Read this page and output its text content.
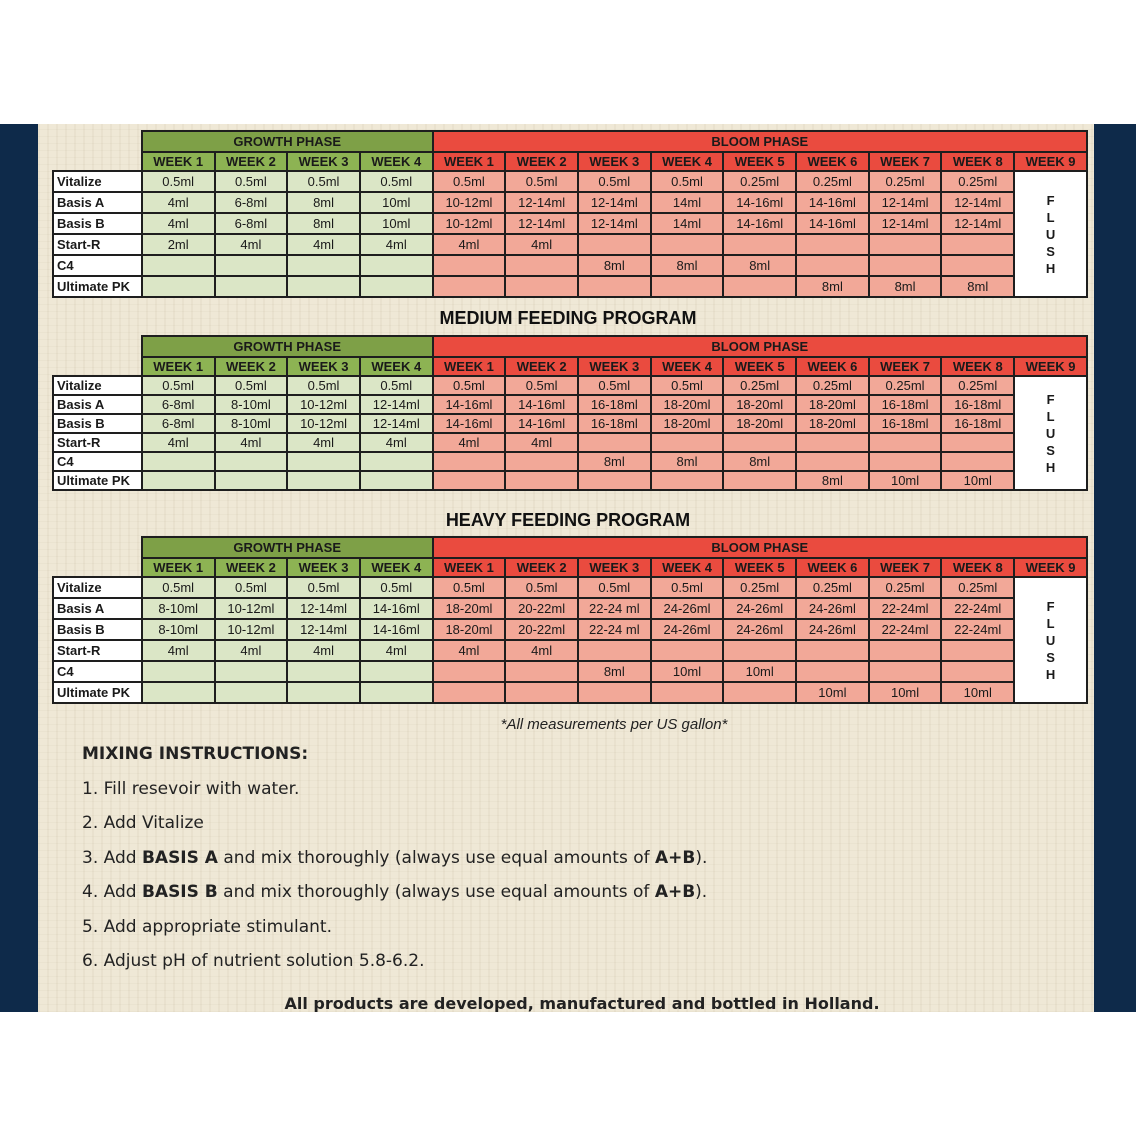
	GROWTH PHASE				BLOOM PHASE								
	WEEK 1	WEEK 2	WEEK 3	WEEK 4	WEEK 1	WEEK 2	WEEK 3	WEEK 4	WEEK 5	WEEK 6	WEEK 7	WEEK 8	WEEK 9
Vitalize	0.5ml	0.5ml	0.5ml	0.5ml	0.5ml	0.5ml	0.5ml	0.5ml	0.25ml	0.25ml	0.25ml	0.25ml	F
L
U
S
H

Basis A	4ml	6-8ml	8ml	10ml	10-12ml	12-14ml	12-14ml	14ml	14-16ml	14-16ml	12-14ml	12-14ml	
Basis B	4ml	6-8ml	8ml	10ml	10-12ml	12-14ml	12-14ml	14ml	14-16ml	14-16ml	12-14ml	12-14ml	
Start-R	2ml	4ml	4ml	4ml	4ml	4ml							
C4							8ml	8ml	8ml				
Ultimate PK										8ml	8ml	8ml	
	GROWTH PHASE				BLOOM PHASE								
	WEEK 1	WEEK 2	WEEK 3	WEEK 4	WEEK 1	WEEK 2	WEEK 3	WEEK 4	WEEK 5	WEEK 6	WEEK 7	WEEK 8	WEEK 9
Vitalize	0.5ml	0.5ml	0.5ml	0.5ml	0.5ml	0.5ml	0.5ml	0.5ml	0.25ml	0.25ml	0.25ml	0.25ml	F
L
U
S
H

Basis A	6-8ml	8-10ml	10-12ml	12-14ml	14-16ml	14-16ml	16-18ml	18-20ml	18-20ml	18-20ml	16-18ml	16-18ml	
Basis B	6-8ml	8-10ml	10-12ml	12-14ml	14-16ml	14-16ml	16-18ml	18-20ml	18-20ml	18-20ml	16-18ml	16-18ml	
Start-R	4ml	4ml	4ml	4ml	4ml	4ml							
C4							8ml	8ml	8ml				
Ultimate PK										8ml	10ml	10ml	
	GROWTH PHASE				BLOOM PHASE								
	WEEK 1	WEEK 2	WEEK 3	WEEK 4	WEEK 1	WEEK 2	WEEK 3	WEEK 4	WEEK 5	WEEK 6	WEEK 7	WEEK 8	WEEK 9
Vitalize	0.5ml	0.5ml	0.5ml	0.5ml	0.5ml	0.5ml	0.5ml	0.5ml	0.25ml	0.25ml	0.25ml	0.25ml	F
L
U
S
H

Basis A	8-10ml	10-12ml	12-14ml	14-16ml	18-20ml	20-22ml	22-24 ml	24-26ml	24-26ml	24-26ml	22-24ml	22-24ml	
Basis B	8-10ml	10-12ml	12-14ml	14-16ml	18-20ml	20-22ml	22-24 ml	24-26ml	24-26ml	24-26ml	22-24ml	22-24ml	
Start-R	4ml	4ml	4ml	4ml	4ml	4ml							
C4							8ml	10ml	10ml				
Ultimate PK										10ml	10ml	10ml	
MEDIUM FEEDING PROGRAM
HEAVY FEEDING PROGRAM
*All measurements per US gallon*
MIXING INSTRUCTIONS:
1. Fill resevoir with water.
2. Add Vitalize
3. Add BASIS A and mix thoroughly (always use equal amounts of A+B).
4. Add BASIS B and mix thoroughly (always use equal amounts of A+B).
5. Add appropriate stimulant.
6. Adjust pH of nutrient solution 5.8-6.2.
All products are developed, manufactured and bottled in Holland.
